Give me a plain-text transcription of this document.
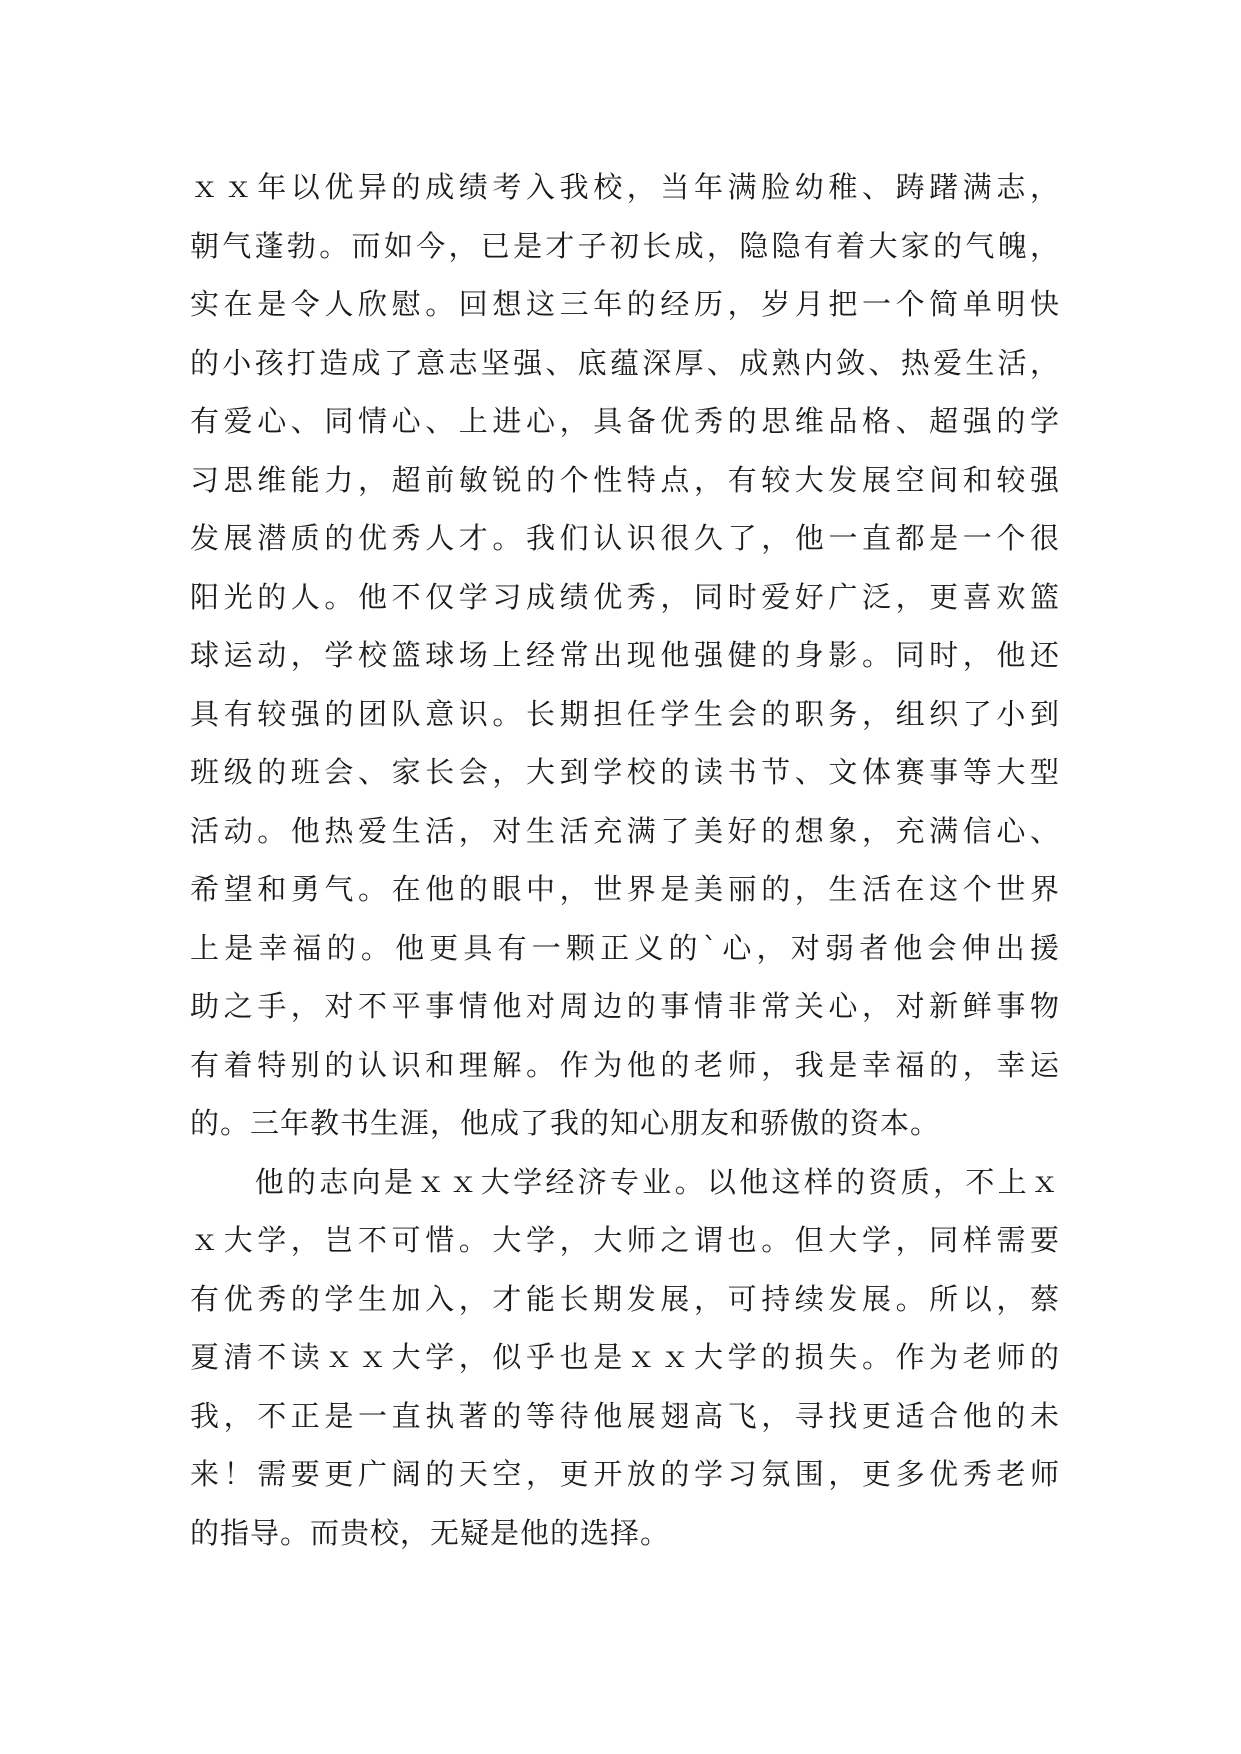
ｘｘ年以优异的成绩考入我校，当年满脸幼稚、踌躇满志，
朝气蓬勃。而如今，已是才子初长成，隐隐有着大家的气魄，
实在是令人欣慰。回想这三年的经历，岁月把一个简单明快
的小孩打造成了意志坚强、底蕴深厚、成熟内敛、热爱生活，
有爱心、同情心、上进心，具备优秀的思维品格、超强的学
习思维能力，超前敏锐的个性特点，有较大发展空间和较强
发展潜质的优秀人才。我们认识很久了，他一直都是一个很
阳光的人。他不仅学习成绩优秀，同时爱好广泛，更喜欢篮
球运动，学校篮球场上经常出现他强健的身影。同时，他还
具有较强的团队意识。长期担任学生会的职务，组织了小到
班级的班会、家长会，大到学校的读书节、文体赛事等大型
活动。他热爱生活，对生活充满了美好的想象，充满信心、
希望和勇气。在他的眼中，世界是美丽的，生活在这个世界
上是幸福的。他更具有一颗正义的`心，对弱者他会伸出援
助之手，对不平事情他对周边的事情非常关心，对新鲜事物
有着特别的认识和理解。作为他的老师，我是幸福的，幸运
的。三年教书生涯，他成了我的知心朋友和骄傲的资本。
　　他的志向是ｘｘ大学经济专业。以他这样的资质，不上ｘ
ｘ大学，岂不可惜。大学，大师之谓也。但大学，同样需要
有优秀的学生加入，才能长期发展，可持续发展。所以，蔡
夏清不读ｘｘ大学，似乎也是ｘｘ大学的损失。作为老师的
我，不正是一直执著的等待他展翅高飞，寻找更适合他的未
来！需要更广阔的天空，更开放的学习氛围，更多优秀老师
的指导。而贵校，无疑是他的选择。
